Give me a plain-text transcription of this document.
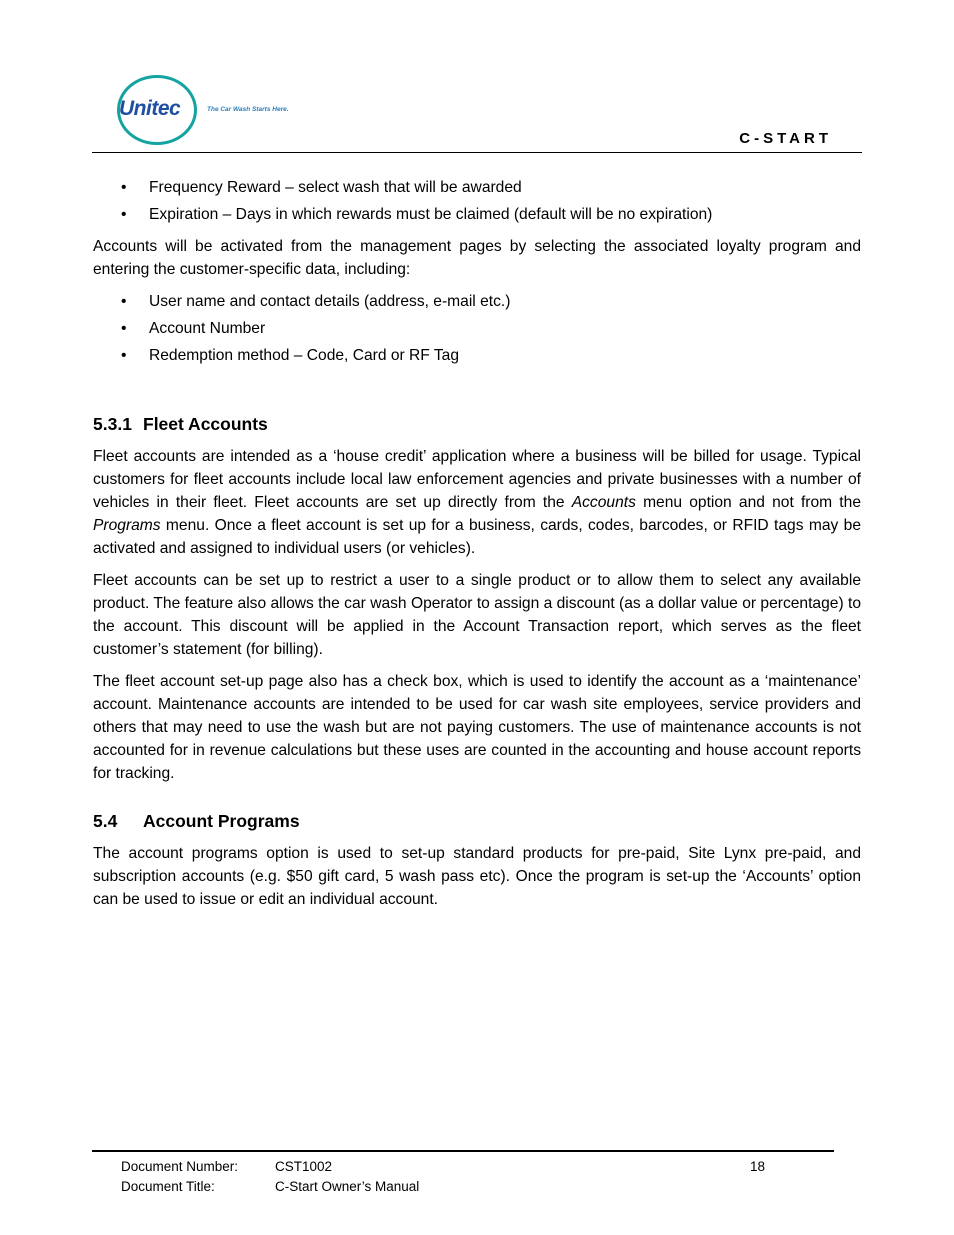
Unitec	The Car Wash Starts Here.
C-START
• Frequency Reward – select wash that will be awarded
• Expiration – Days in which rewards must be claimed (default will be no expiration)

Accounts will be activated from the management pages by selecting the associated loyalty program and entering the customer-specific data, including:

• User name and contact details (address, e-mail etc.)
• Account Number
• Redemption method – Code, Card or RF Tag
5.3.1 Fleet Accounts

Fleet accounts are intended as a ‘house credit’ application where a business will be billed for usage. Typical customers for fleet accounts include local law enforcement agencies and private businesses with a number of vehicles in their fleet. Fleet accounts are set up directly from the Accounts menu option and not from the Programs menu. Once a fleet account is set up for a business, cards, codes, barcodes, or RFID tags may be activated and assigned to individual users (or vehicles).

Fleet accounts can be set up to restrict a user to a single product or to allow them to select any available product. The feature also allows the car wash Operator to assign a discount (as a dollar value or percentage) to the account. This discount will be applied in the Account Transaction report, which serves as the fleet customer’s statement (for billing).

The fleet account set-up page also has a check box, which is used to identify the account as a ‘maintenance’ account. Maintenance accounts are intended to be used for car wash site employees, service providers and others that may need to use the wash but are not paying customers. The use of maintenance accounts is not accounted for in revenue calculations but these uses are counted in the accounting and house account reports for tracking.

5.4 Account Programs

The account programs option is used to set-up standard products for pre-paid, Site Lynx pre-paid, and subscription accounts (e.g. $50 gift card, 5 wash pass etc). Once the program is set-up the ‘Accounts’ option can be used to issue or edit an individual account.

Document Number:	CST1002	18
Document Title:	C-Start Owner’s Manual
